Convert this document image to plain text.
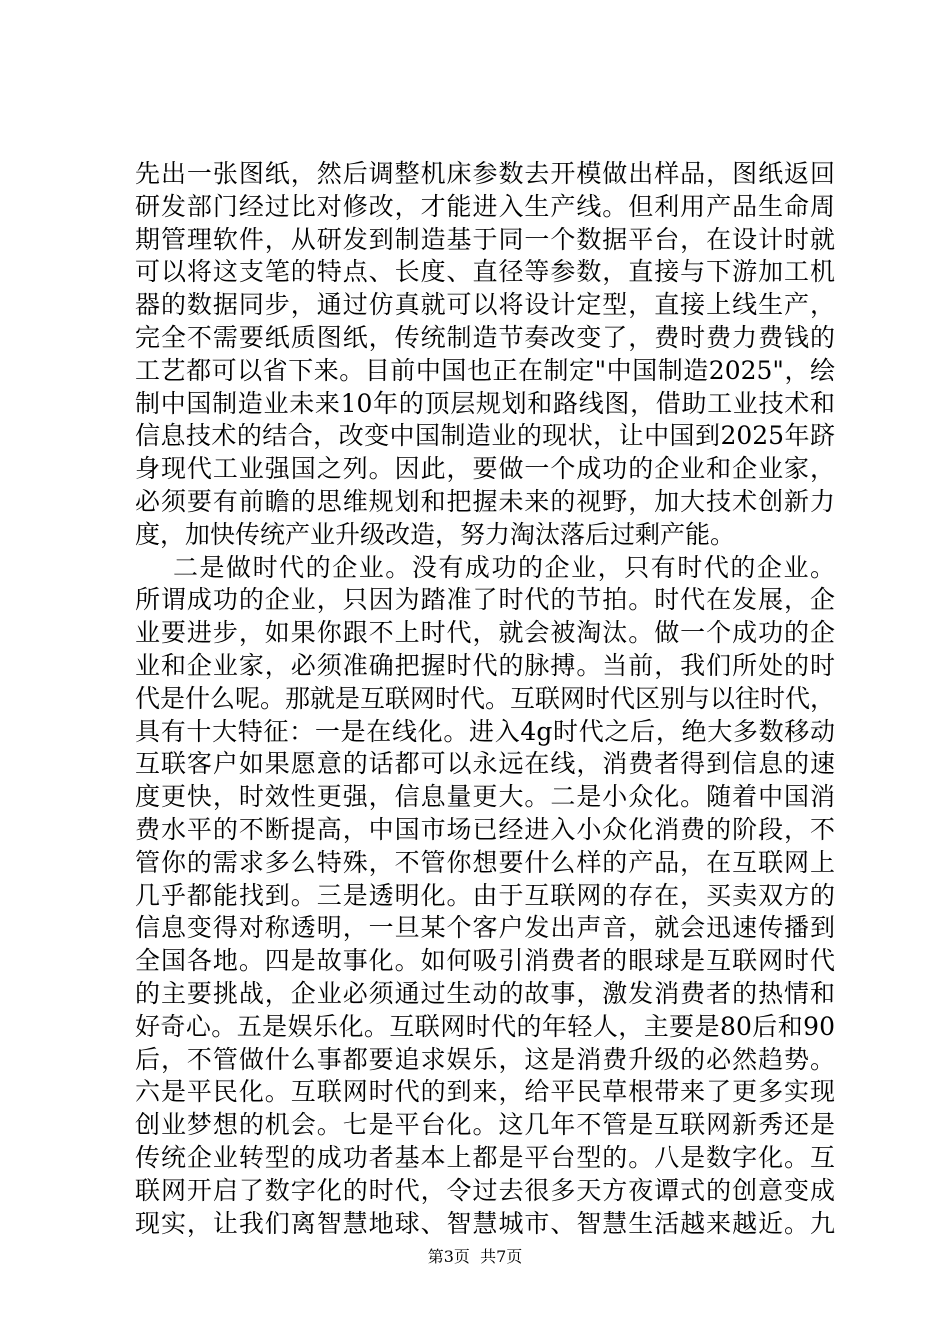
先出一张图纸，然后调整机床参数去开模做出样品，图纸返回
研发部门经过比对修改，才能进入生产线。但利用产品生命周
期管理软件，从研发到制造基于同一个数据平台，在设计时就
可以将这支笔的特点、长度、直径等参数，直接与下游加工机
器的数据同步，通过仿真就可以将设计定型，直接上线生产，
完全不需要纸质图纸，传统制造节奏改变了，费时费力费钱的
工艺都可以省下来。目前中国也正在制定"中国制造2025"，绘
制中国制造业未来10年的顶层规划和路线图，借助工业技术和
信息技术的结合，改变中国制造业的现状，让中国到2025年跻
身现代工业强国之列。因此，要做一个成功的企业和企业家，
必须要有前瞻的思维规划和把握未来的视野，加大技术创新力
度，加快传统产业升级改造，努力淘汰落后过剩产能。
二是做时代的企业。没有成功的企业，只有时代的企业。
所谓成功的企业，只因为踏准了时代的节拍。时代在发展，企
业要进步，如果你跟不上时代，就会被淘汰。做一个成功的企
业和企业家，必须准确把握时代的脉搏。当前，我们所处的时
代是什么呢。那就是互联网时代。互联网时代区别与以往时代，
具有十大特征：一是在线化。进入4g时代之后，绝大多数移动
互联客户如果愿意的话都可以永远在线，消费者得到信息的速
度更快，时效性更强，信息量更大。二是小众化。随着中国消
费水平的不断提高，中国市场已经进入小众化消费的阶段，不
管你的需求多么特殊，不管你想要什么样的产品，在互联网上
几乎都能找到。三是透明化。由于互联网的存在，买卖双方的
信息变得对称透明，一旦某个客户发出声音，就会迅速传播到
全国各地。四是故事化。如何吸引消费者的眼球是互联网时代
的主要挑战，企业必须通过生动的故事，激发消费者的热情和
好奇心。五是娱乐化。互联网时代的年轻人，主要是80后和90
后，不管做什么事都要追求娱乐，这是消费升级的必然趋势。
六是平民化。互联网时代的到来，给平民草根带来了更多实现
创业梦想的机会。七是平台化。这几年不管是互联网新秀还是
传统企业转型的成功者基本上都是平台型的。八是数字化。互
联网开启了数字化的时代，令过去很多天方夜谭式的创意变成
现实，让我们离智慧地球、智慧城市、智慧生活越来越近。九
第3页  共7页
